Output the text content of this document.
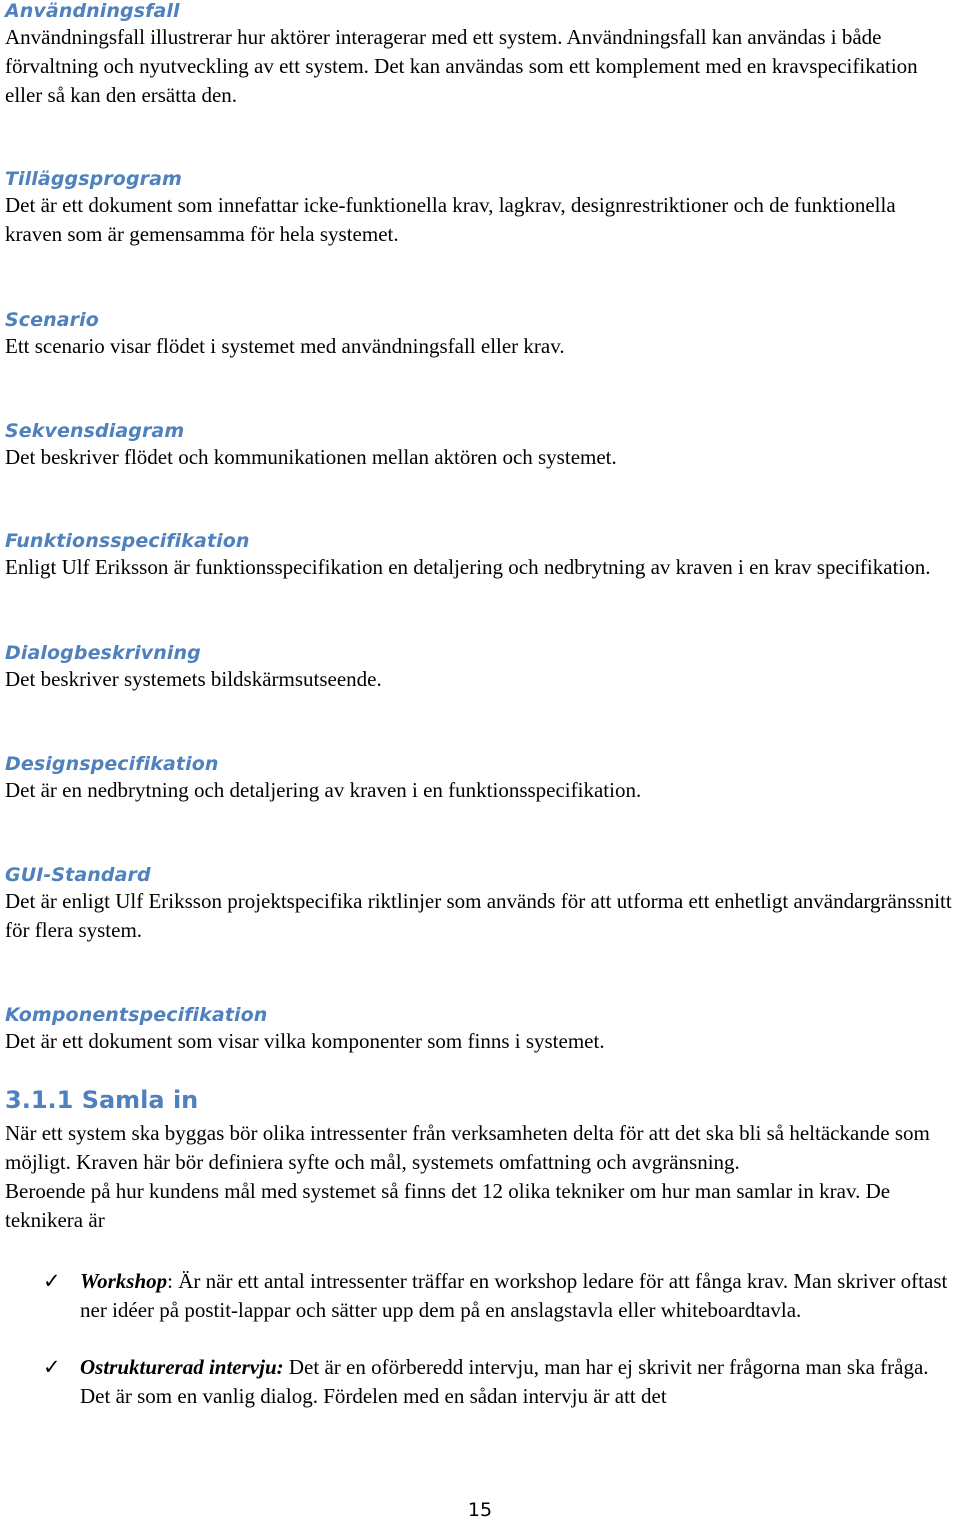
Användningsfall

Användningsfall illustrerar hur aktörer interagerar med ett system. Användningsfall kan användas i både förvaltning och nyutveckling av ett system. Det kan användas som ett komplement med en kravspecifikation eller så kan den ersätta den.

Tilläggsprogram

Det är ett dokument som innefattar icke-funktionella krav, lagkrav, designrestriktioner och de funktionella kraven som är gemensamma för hela systemet.

Scenario

Ett scenario visar flödet i systemet med användningsfall eller krav.

Sekvensdiagram

Det beskriver flödet och kommunikationen mellan aktören och systemet.

Funktionsspecifikation

Enligt Ulf Eriksson är funktionsspecifikation en detaljering och nedbrytning av kraven i en krav specifikation.

Dialogbeskrivning

Det beskriver systemets bildskärmsutseende.

Designspecifikation

Det är en nedbrytning och detaljering av kraven i en funktionsspecifikation.

GUI-Standard

Det är enligt Ulf Eriksson projektspecifika riktlinjer som används för att utforma ett enhetligt användargränssnitt för flera system.

Komponentspecifikation

Det är ett dokument som visar vilka komponenter som finns i systemet.

3.1.1 Samla in

När ett system ska byggas bör olika intressenter från verksamheten delta för att det ska bli så heltäckande som möjligt. Kraven här bör definiera syfte och mål, systemets omfattning och avgränsning.

Beroende på hur kundens mål med systemet så finns det 12 olika tekniker om hur man samlar in krav. De teknikera är

✓ Workshop: Är när ett antal intressenter träffar en workshop ledare för att fånga krav. Man skriver oftast ner idéer på postit-lappar och sätter upp dem på en anslagstavla eller whiteboardtavla.
✓ Ostrukturerad intervju: Det är en oförberedd intervju, man har ej skrivit ner frågorna man ska fråga. Det är som en vanlig dialog. Fördelen med en sådan intervju är att det
15
